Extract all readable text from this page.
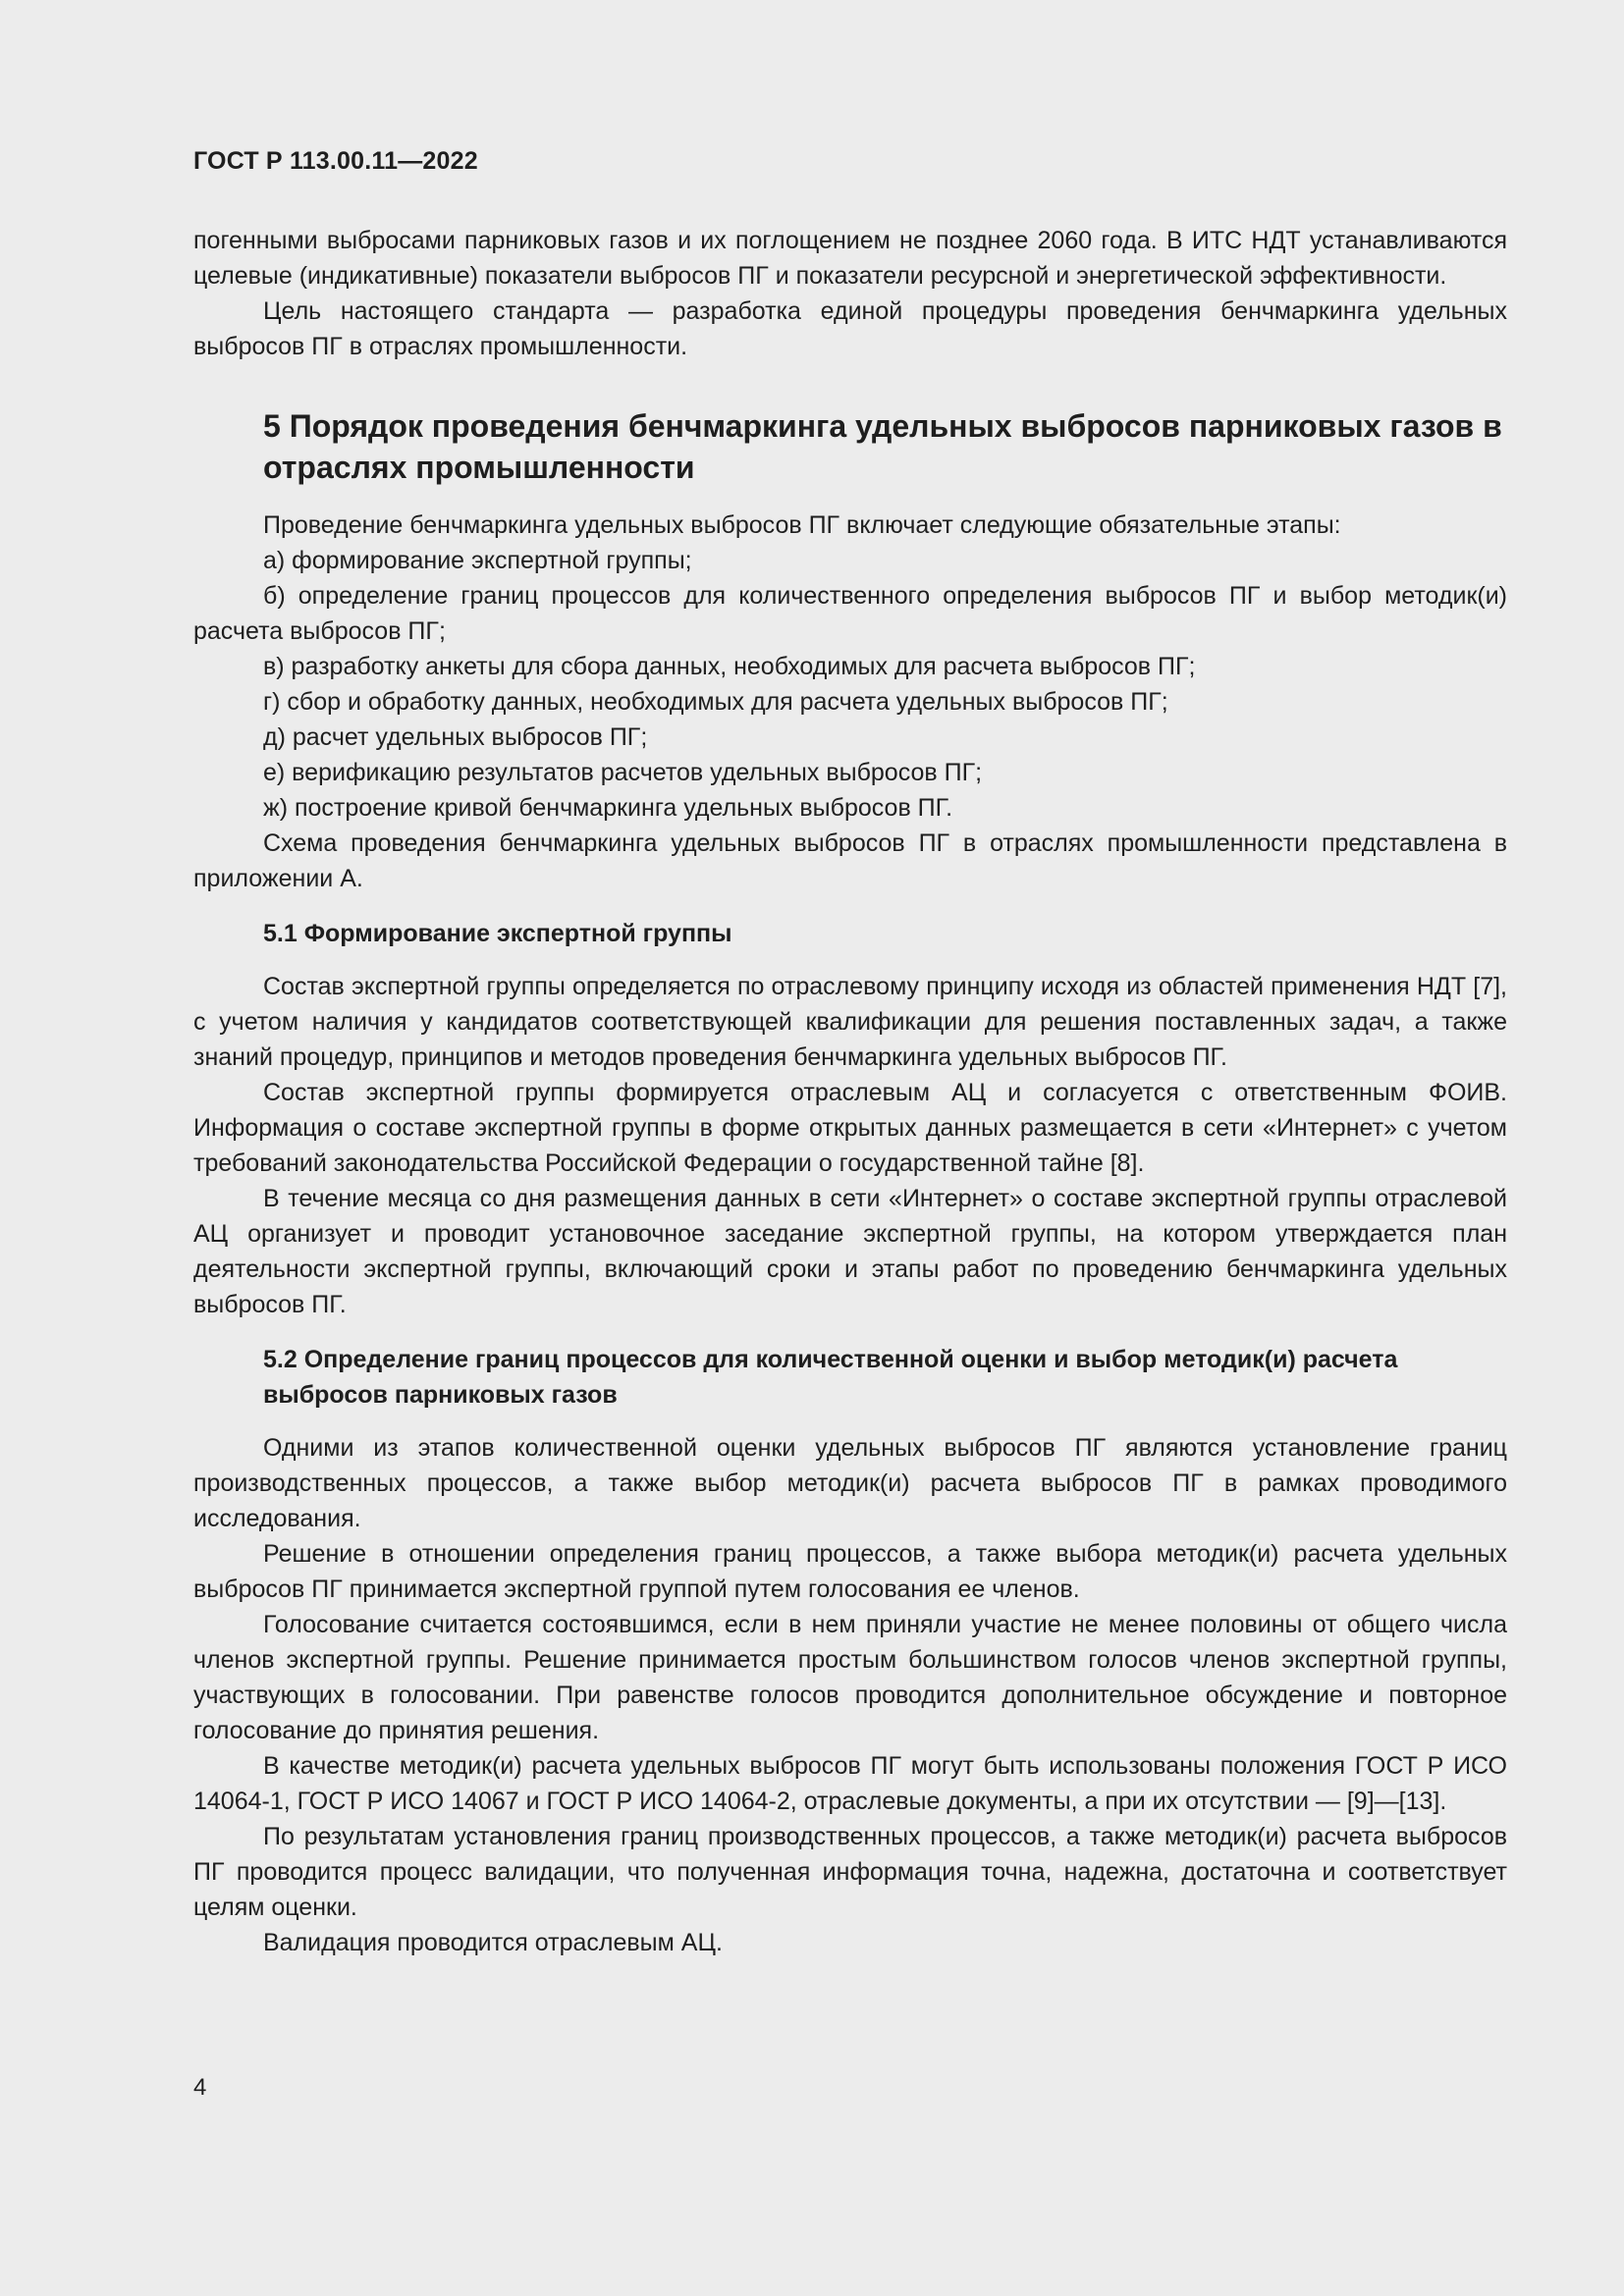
ГОСТ Р 113.00.11—2022

погенными выбросами парниковых газов и их поглощением не позднее 2060 года. В ИТС НДТ устанавливаются целевые (индикативные) показатели выбросов ПГ и показатели ресурсной и энергетической эффективности.

Цель настоящего стандарта — разработка единой процедуры проведения бенчмаркинга удельных выбросов ПГ в отраслях промышленности.

5 Порядок проведения бенчмаркинга удельных выбросов парниковых газов в отраслях промышленности

Проведение бенчмаркинга удельных выбросов ПГ включает следующие обязательные этапы:

а) формирование экспертной группы;

б) определение границ процессов для количественного определения выбросов ПГ и выбор методик(и) расчета выбросов ПГ;

в) разработку анкеты для сбора данных, необходимых для расчета выбросов ПГ;

г) сбор и обработку данных, необходимых для расчета удельных выбросов ПГ;

д) расчет удельных выбросов ПГ;

е) верификацию результатов расчетов удельных выбросов ПГ;

ж) построение кривой бенчмаркинга удельных выбросов ПГ.

Схема проведения бенчмаркинга удельных выбросов ПГ в отраслях промышленности представлена в приложении А.

5.1 Формирование экспертной группы

Состав экспертной группы определяется по отраслевому принципу исходя из областей применения НДТ [7], с учетом наличия у кандидатов соответствующей квалификации для решения поставленных задач, а также знаний процедур, принципов и методов проведения бенчмаркинга удельных выбросов ПГ.

Состав экспертной группы формируется отраслевым АЦ и согласуется с ответственным ФОИВ. Информация о составе экспертной группы в форме открытых данных размещается в сети «Интернет» с учетом требований законодательства Российской Федерации о государственной тайне [8].

В течение месяца со дня размещения данных в сети «Интернет» о составе экспертной группы отраслевой АЦ организует и проводит установочное заседание экспертной группы, на котором утверждается план деятельности экспертной группы, включающий сроки и этапы работ по проведению бенчмаркинга удельных выбросов ПГ.

5.2 Определение границ процессов для количественной оценки и выбор методик(и) расчета выбросов парниковых газов

Одними из этапов количественной оценки удельных выбросов ПГ являются установление границ производственных процессов, а также выбор методик(и) расчета выбросов ПГ в рамках проводимого исследования.

Решение в отношении определения границ процессов, а также выбора методик(и) расчета удельных выбросов ПГ принимается экспертной группой путем голосования ее членов.

Голосование считается состоявшимся, если в нем приняли участие не менее половины от общего числа членов экспертной группы. Решение принимается простым большинством голосов членов экспертной группы, участвующих в голосовании. При равенстве голосов проводится дополнительное обсуждение и повторное голосование до принятия решения.

В качестве методик(и) расчета удельных выбросов ПГ могут быть использованы положения ГОСТ Р ИСО 14064-1, ГОСТ Р ИСО 14067 и ГОСТ Р ИСО 14064-2, отраслевые документы, а при их отсутствии — [9]—[13].

По результатам установления границ производственных процессов, а также методик(и) расчета выбросов ПГ проводится процесс валидации, что полученная информация точна, надежна, достаточна и соответствует целям оценки.

Валидация проводится отраслевым АЦ.

4
